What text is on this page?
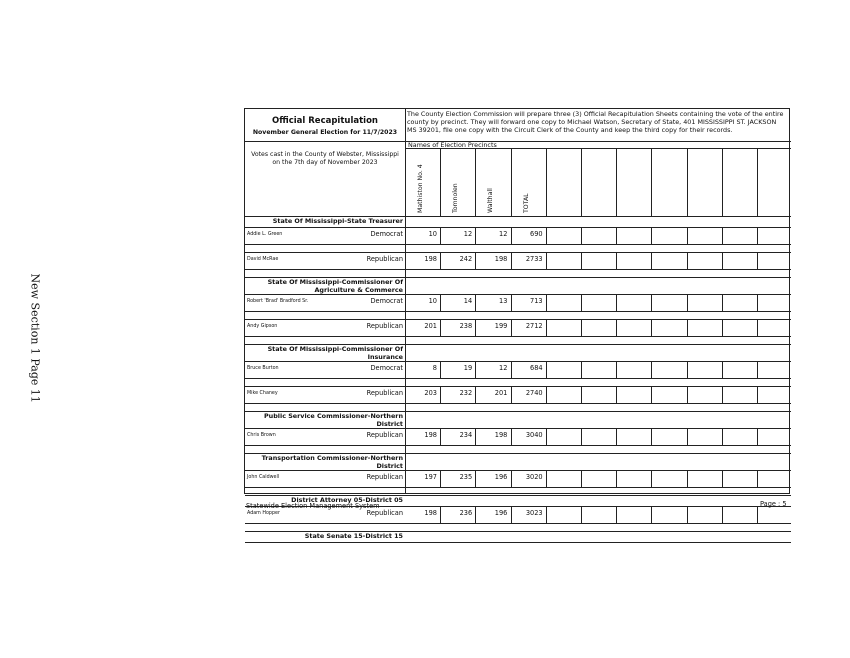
New Section 1 Page 11
Official Recapitulation
November General Election for 11/7/2023
The County Election Commission will prepare three (3) Official Recapitulation Sheets containing the vote of the entire county by precinct. They will forward one copy to Michael Watson, Secretary of State, 401 MISSISSIPPI ST. JACKSON MS 39201, file one copy with the Circuit Clerk of the County and keep the third copy for their records.
Votes cast in the County of Webster, Mississippi on the 7th day of November 2023
Names of Election Precincts
Mathiston No. 4	Tomnolen	Walthall	TOTAL
State Of Mississippi-State Treasurer
Addie L. Green	Democrat	10	12	12	690
David McRae	Republican	198	242	198	2733
State Of Mississippi-Commissioner Of Agriculture & Commerce
Robert 'Brad' Bradford Sr.	Democrat	10	14	13	713
Andy Gipson	Republican	201	238	199	2712
State Of Mississippi-Commissioner Of Insurance
Bruce Burton	Democrat	8	19	12	684
Mike Chaney	Republican	203	232	201	2740
Public Service Commissioner-Northern District
Chris Brown	Republican	198	234	198	3040
Transportation Commissioner-Northern District
John Caldwell	Republican	197	235	196	3020
District Attorney 05-District 05
Adam Hopper	Republican	198	236	196	3023
State Senate 15-District 15
Statewide Election Management System	Page : 5
